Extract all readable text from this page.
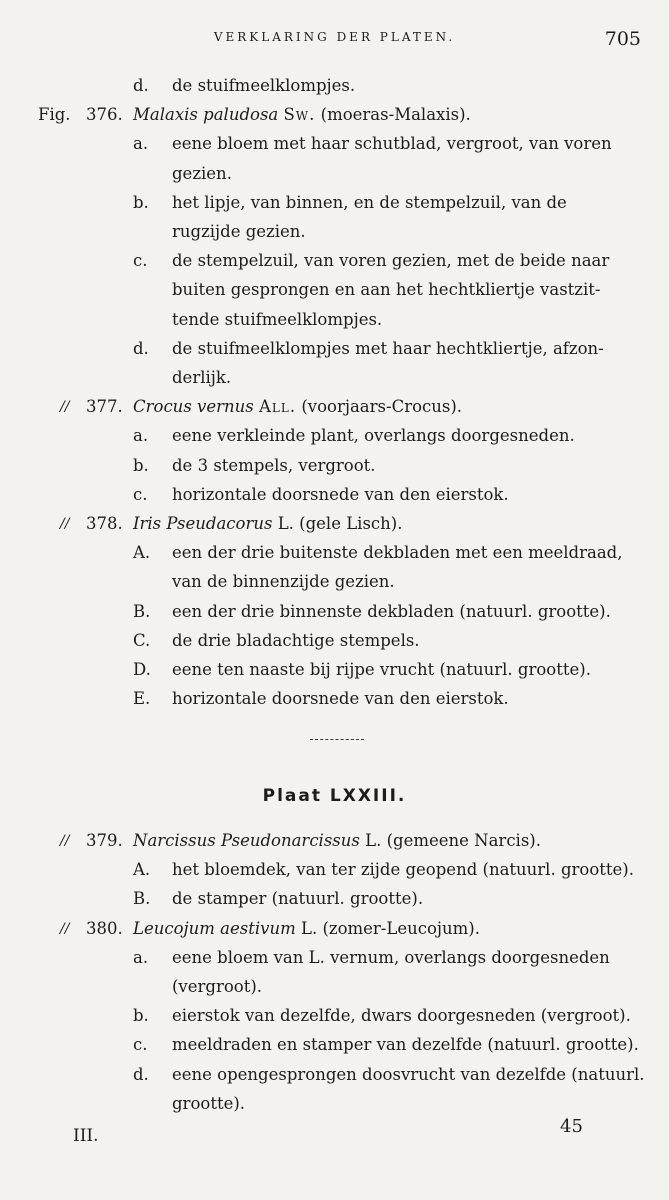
VERKLARING DER PLATEN.	705
d. de stuifmeelklompjes.
Fig. 376. Malaxis paludosa Sw. (moeras-Malaxis).
a. eene bloem met haar schutblad, vergroot, van voren
gezien.
b. het lipje, van binnen, en de stempelzuil, van de
rugzijde gezien.
c. de stempelzuil, van voren gezien, met de beide naar
buiten gesprongen en aan het hechtkliertje vastzit-
tende stuifmeelklompjes.
d. de stuifmeelklompjes met haar hechtkliertje, afzon-
derlijk.
// 377. Crocus vernus All. (voorjaars-Crocus).
a. eene verkleinde plant, overlangs doorgesneden.
b. de 3 stempels, vergroot.
c. horizontale doorsnede van den eierstok.
// 378. Iris Pseudacorus L. (gele Lisch).
A. een der drie buitenste dekbladen met een meeldraad,
van de binnenzijde gezien.
B. een der drie binnenste dekbladen (natuurl. grootte).
C. de drie bladachtige stempels.
D. eene ten naaste bij rijpe vrucht (natuurl. grootte).
E. horizontale doorsnede van den eierstok.
Plaat LXXIII.
// 379. Narcissus Pseudonarcissus L. (gemeene Narcis).
A. het bloemdek, van ter zijde geopend (natuurl. grootte).
B. de stamper (natuurl. grootte).
// 380. Leucojum aestivum L. (zomer-Leucojum).
a. eene bloem van L. vernum, overlangs doorgesneden
(vergroot).
b. eierstok van dezelfde, dwars doorgesneden (vergroot).
c. meeldraden en stamper van dezelfde (natuurl. grootte).
d. eene opengesprongen doosvrucht van dezelfde (natuurl.
grootte).
III.	45
